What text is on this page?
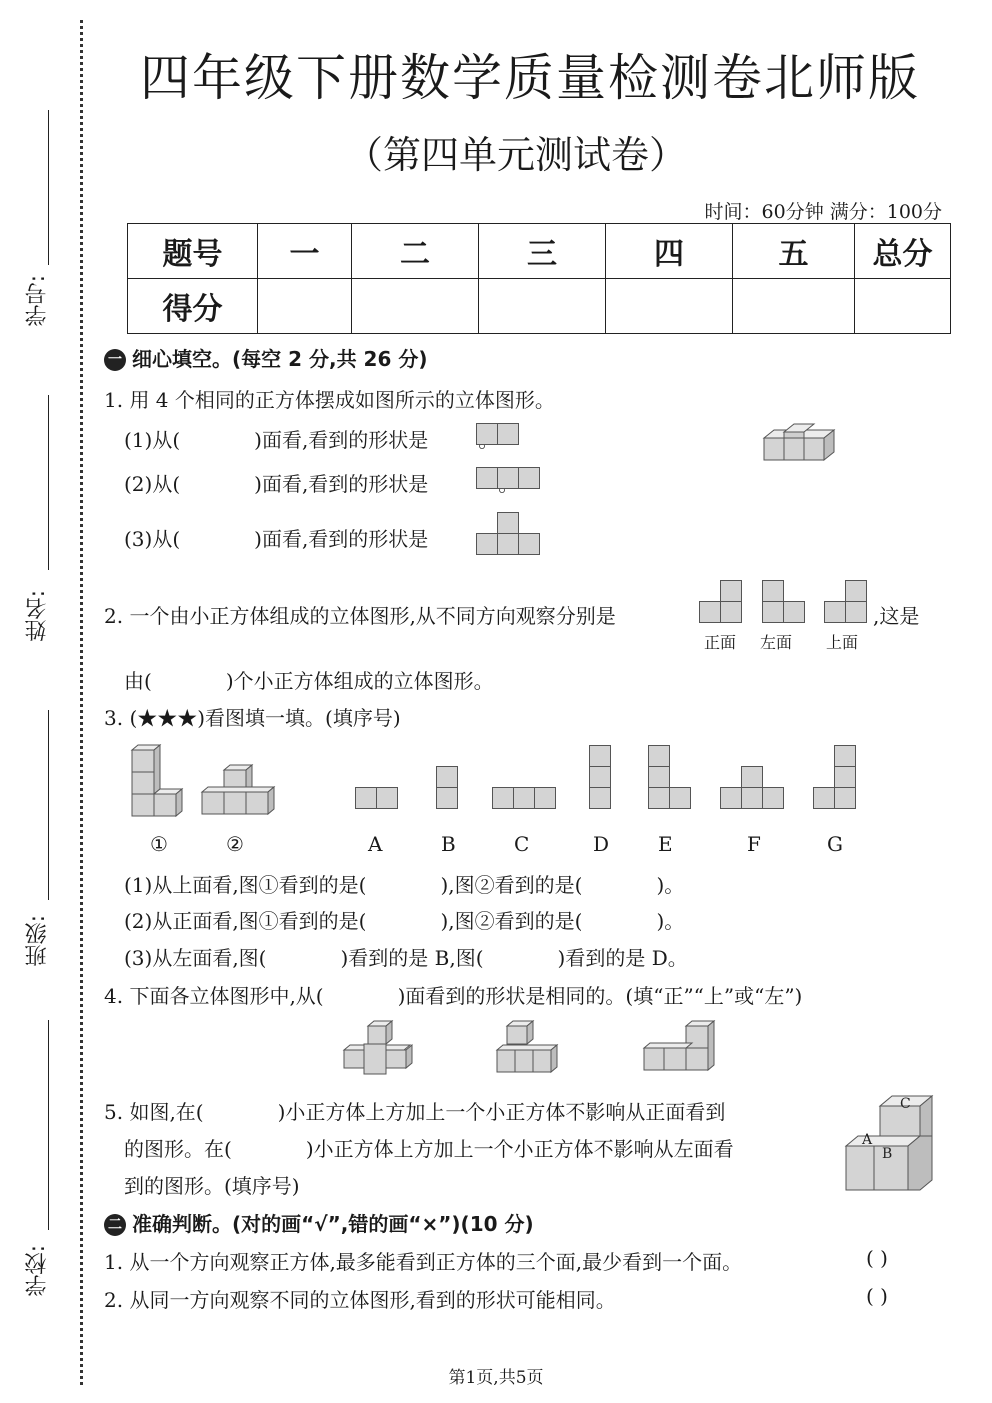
学号:
姓名:
班级:
学校:
四年级下册数学质量检测卷北师版
（第四单元测试卷）
时间：60分钟 满分：100分
题号	一	二	三	四	五	总分
得分						
一 细心填空。(每空 2 分,共 26 分)
1. 用 4 个相同的正方体摆成如图所示的立体图形。
(1)从(	)面看,看到的形状是
(2)从(	)面看,看到的形状是
(3)从(	)面看,看到的形状是
2. 一个由小正方体组成的立体图形,从不同方向观察分别是	,这是
正面 左面 上面
由(	)个小正方体组成的立体图形。
3. (★★★)看图填一填。(填序号)
①	②	A	B	C	D E	F	G
(1)从上面看,图①看到的是(	),图②看到的是(	)。
(2)从正面看,图①看到的是(	),图②看到的是(	)。
(3)从左面看,图(	)看到的是 B,图(	)看到的是 D。
4. 下面各立体图形中,从(	)面看到的形状是相同的。(填“正”“上”或“左”)
5. 如图,在(	)小正方体上方加上一个小正方体不影响从正面看到
的图形。在(	)小正方体上方加上一个小正方体不影响从左面看
到的图形。(填序号)
C
A
B
二 准确判断。(对的画“√”,错的画“×”)(10 分)
1. 从一个方向观察正方体,最多能看到正方体的三个面,最少看到一个面。	( )
2. 从同一方向观察不同的立体图形,看到的形状可能相同。	( )
第1页,共5页
